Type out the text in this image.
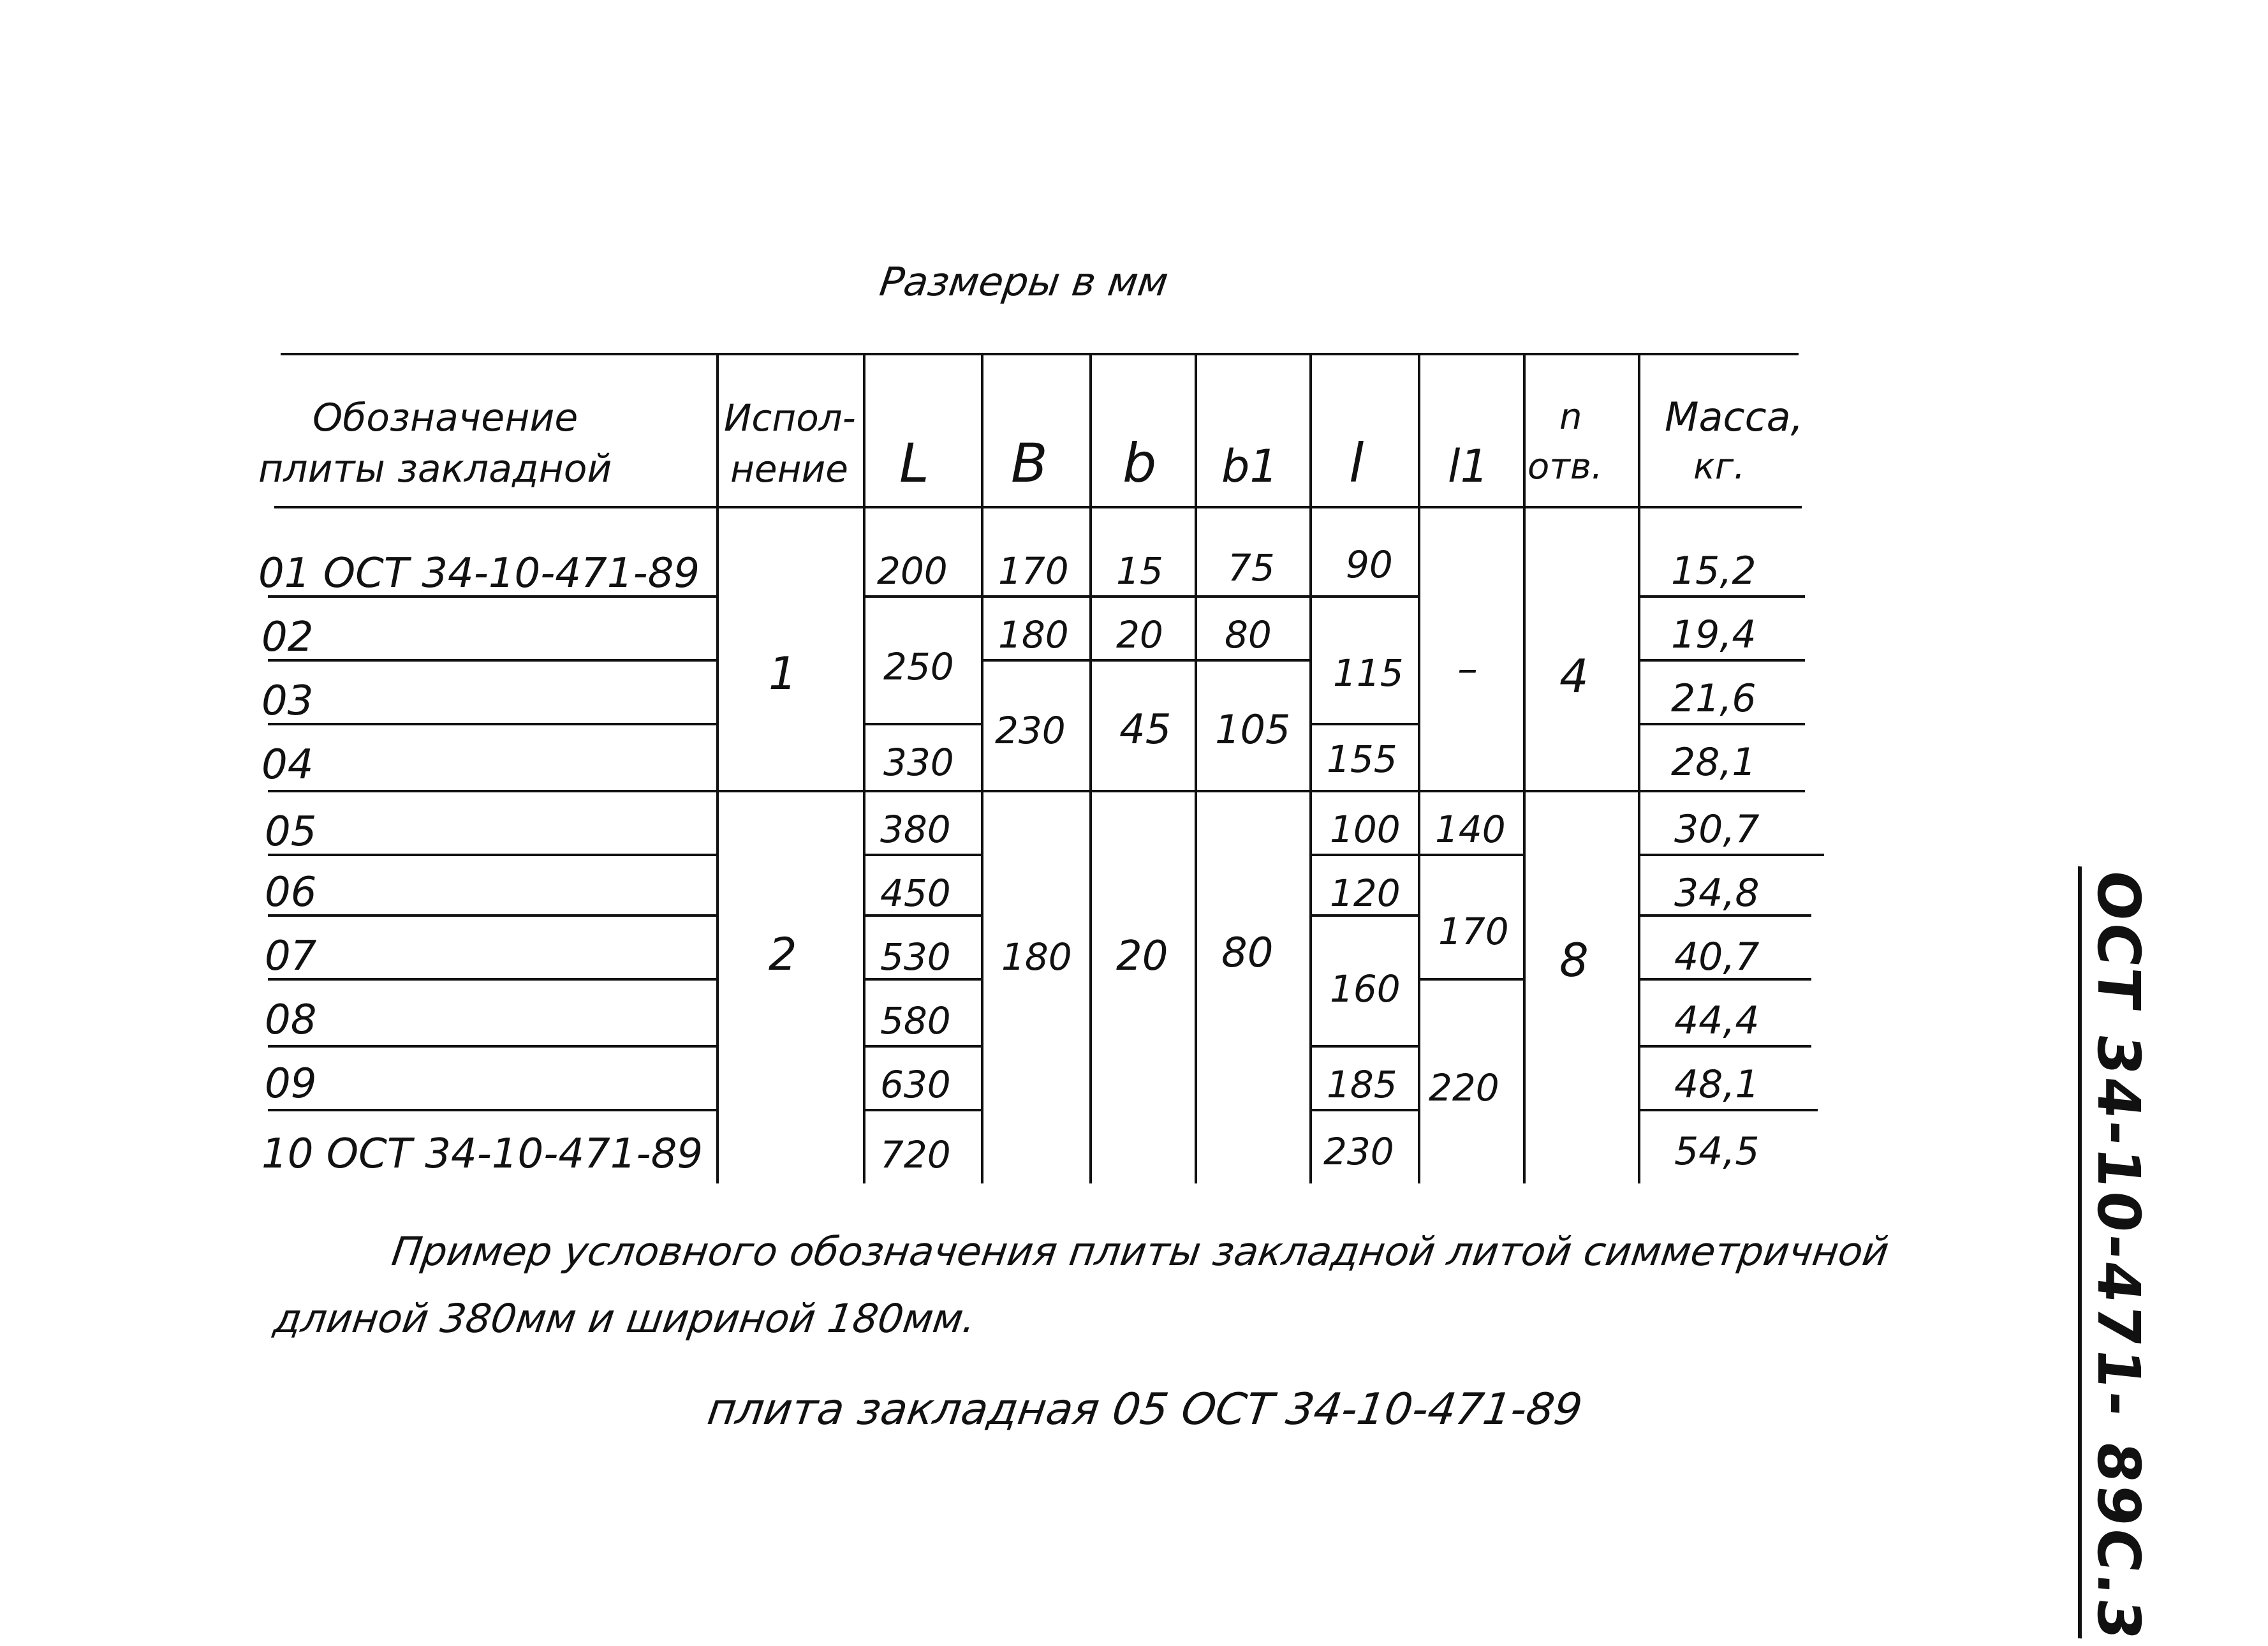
Размеры в мм
Обозначение
плиты закладной
Испол-
нение L B b b1 l l1
n
отв.
Масса,
кг.
01 ОСТ 34-10-471-89
02
03
04
05
06
07
08
09
10 ОСТ 34-10-471-89
1
2
200
250
330
380
450
530
580
630
720
170
180
230
180
15
20
45
20
75
80
105
80
90
115
155
100
120
160
185
230
–
140
170
220
4
8
15,2
19,4
21,6
28,1
30,7
34,8
40,7
44,4
48,1
54,5
Пример условного обозначения плиты закладной литой симметричной
длиной 380мм и шириной 180мм.
плита закладная 05 ОСТ 34-10-471-89	ОСТ 34-10-471- 89С.3
